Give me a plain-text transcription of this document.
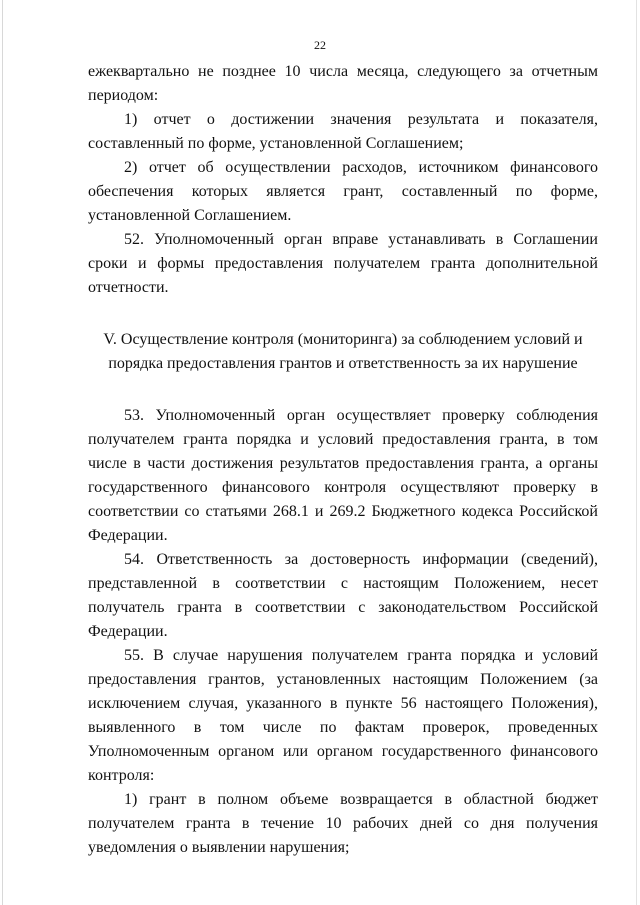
22

ежеквартально не позднее 10 числа месяца, следующего за отчетным периодом:

1) отчет о достижении значения результата и показателя, составленный по форме, установленной Соглашением;

2) отчет об осуществлении расходов, источником финансового обеспечения которых является грант, составленный по форме, установленной Соглашением.

52. Уполномоченный орган вправе устанавливать в Соглашении сроки и формы предоставления получателем гранта дополнительной отчетности.

V. Осуществление контроля (мониторинга) за соблюдением условий и
порядка предоставления грантов и ответственность за их нарушение

53. Уполномоченный орган осуществляет проверку соблюдения получателем гранта порядка и условий предоставления гранта, в том числе в части достижения результатов предоставления гранта, а органы государственного финансового контроля осуществляют проверку в соответствии со статьями 268.1 и 269.2 Бюджетного кодекса Российской Федерации.

54. Ответственность за достоверность информации (сведений), представленной в соответствии с настоящим Положением, несет получатель гранта в соответствии с законодательством Российской Федерации.

55. В случае нарушения получателем гранта порядка и условий предоставления грантов, установленных настоящим Положением (за исключением случая, указанного в пункте 56 настоящего Положения), выявленного в том числе по фактам проверок, проведенных Уполномоченным органом или органом государственного финансового контроля:

1) грант в полном объеме возвращается в областной бюджет получателем гранта в течение 10 рабочих дней со дня получения уведомления о выявлении нарушения;
